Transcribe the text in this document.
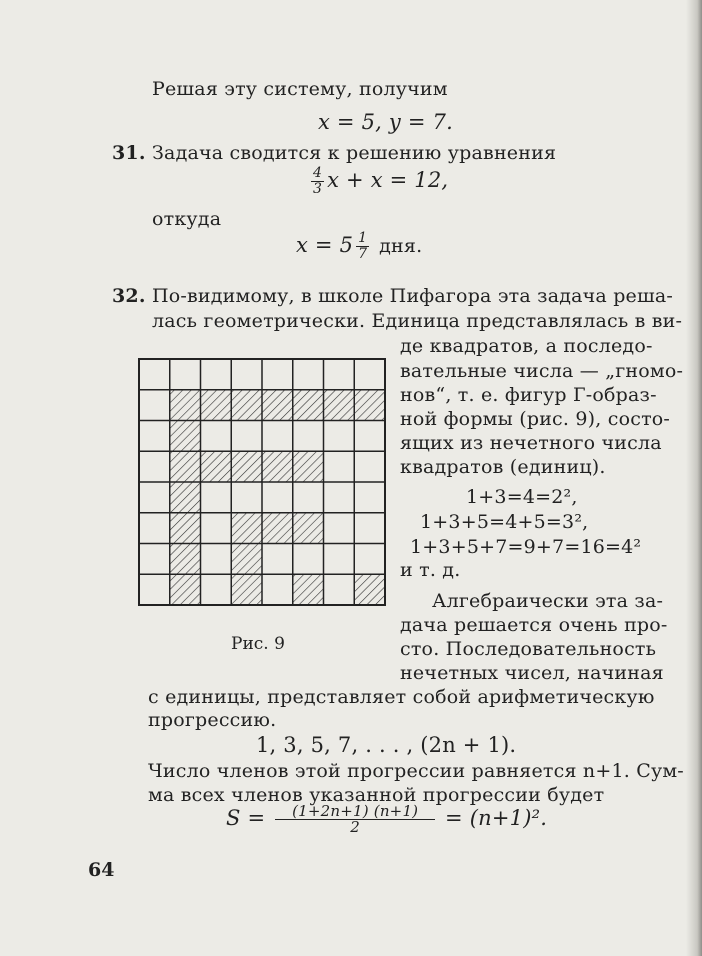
Решая эту систему, получим
x = 5, y = 7.
31. Задача сводится к решению уравнения
$\frac{4}{3}$ x + x = 12,
откуда
$x = 5 \frac{1}{7}$ дня.
32. По-видимому, в школе Пифагора эта задача реша-
лась геометрически. Единица представлялась в ви-
де квадратов, а последо-
вательные числа — „гномо-
нов“, т. е. фигур Г-образ-
ной формы (рис. 9), состо-
ящих из нечетного числа
квадратов (единиц).
1+3=4=2²,
1+3+5=4+5=3²,
1+3+5+7=9+7=16=4²
и т. д.
Алгебраически эта за-
дача решается очень про-
сто. Последовательность
нечетных чисел, начиная
с единицы, представляет собой арифметическую
прогрессию.
1, 3, 5, 7, . . . , (2n + 1).
Число членов этой прогрессии равняется n+1. Сум-
ма всех членов указанной прогрессии будет
$S = \frac{(1+2n+1) (n+1)}{2} = (n+1)^2$.
Рис. 9
64
